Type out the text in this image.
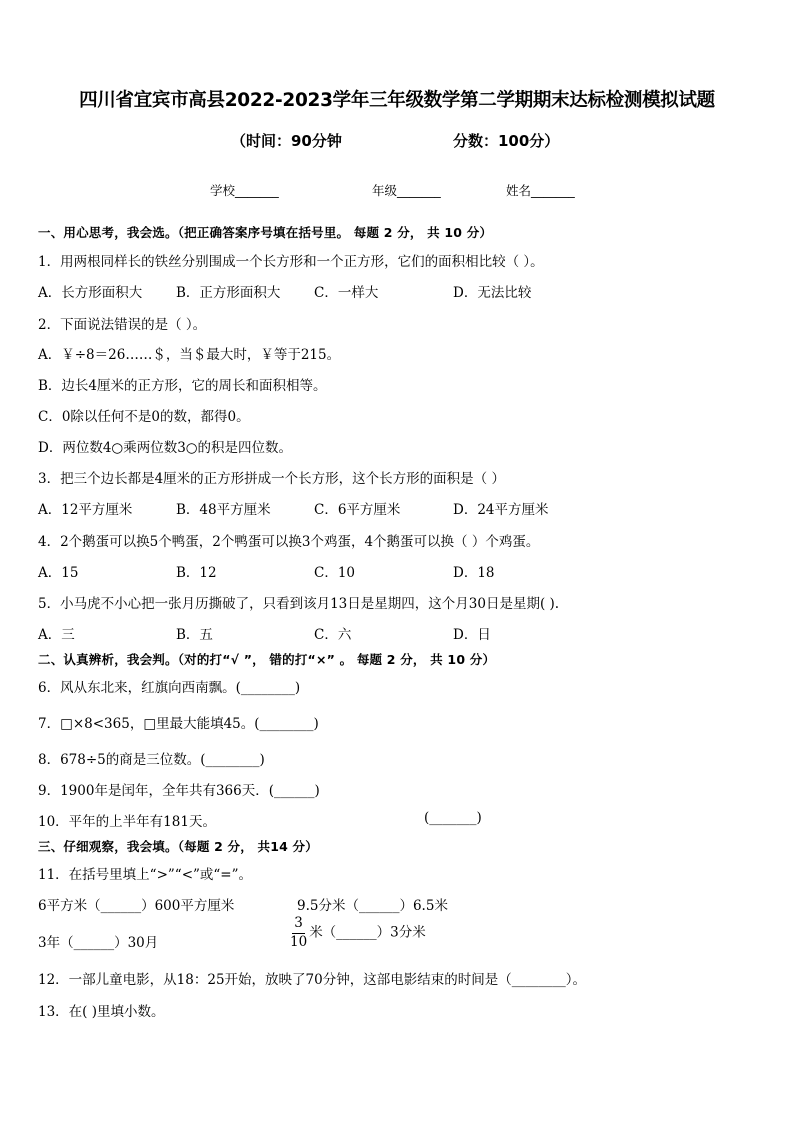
四川省宜宾市高县2022-2023学年三年级数学第二学期期末达标检测模拟试题
（时间：90分钟	分数：100分）
学校_______	年级_______	姓名_______
一、用心思考，我会选。（把正确答案序号填在括号里。 每题 2 分， 共 10 分）
1．用两根同样长的铁丝分别围成一个长方形和一个正方形，它们的面积相比较（ ）。
A．长方形面积大	B．正方形面积大 C．一样大	D．无法比较
2．下面说法错误的是（ ）。
A．￥÷8＝26……＄，当＄最大时，￥等于215。
B．边长4厘米的正方形，它的周长和面积相等。
C．0除以任何不是0的数，都得0。
D．两位数4○乘两位数3○的积是四位数。
3．把三个边长都是4厘米的正方形拼成一个长方形，这个长方形的面积是（ ）
A．12平方厘米	B．48平方厘米	C．6平方厘米	D．24平方厘米
4．2个鹅蛋可以换5个鸭蛋，2个鸭蛋可以换3个鸡蛋，4个鹅蛋可以换（ ）个鸡蛋。
A．15	B．12	C．10	D．18
5．小马虎不小心把一张月历撕破了，只看到该月13日是星期四，这个月30日是星期( ).
A．三	B．五	C．六	D．日
二、认真辨析，我会判。（对的打“√ ”， 错的打“×” 。 每题 2 分， 共 10 分）
6．风从东北来，红旗向西南飘。(________)
7．□×8<365，□里最大能填45。(________)
8．678÷5的商是三位数。(________)
9．1900年是闰年，全年共有366天．(______)
10．平年的上半年有181天。	(_______)
三、仔细观察，我会填。（每题 2 分， 共14 分）
11．在括号里填上“>”“<”或“=”。
6平方米（______）600平方厘米	9.5分米（______）6.5米
3年（______）30月	$\frac{3}{10}$ 米（______）3分米
12．一部儿童电影，从18：25开始，放映了70分钟，这部电影结束的时间是（________）。
13．在( )里填小数。
